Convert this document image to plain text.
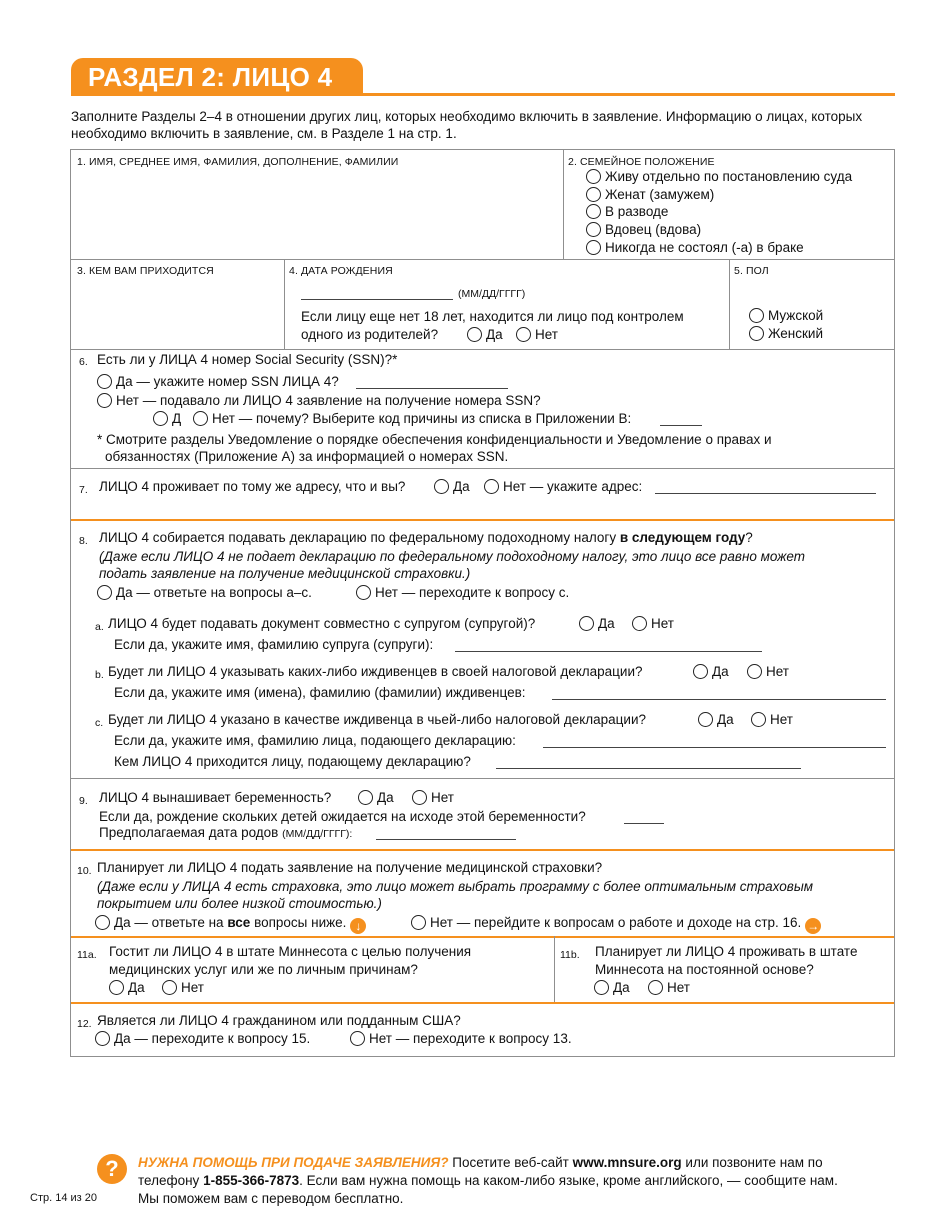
РАЗДЕЛ 2: ЛИЦО 4
Заполните Разделы 2–4 в отношении других лиц, которых необходимо включить в заявление. Информацию о лицах, которых необходимо включить в заявление, см. в Разделе 1 на стр. 1.
1. ИМЯ, СРЕДНЕЕ ИМЯ, ФАМИЛИЯ, ДОПОЛНЕНИЕ, ФАМИЛИИ	2. СЕМЕЙНОЕ ПОЛОЖЕНИЕ
Живу отдельно по постановлению суда
Женат (замужем)
В разводе
Вдовец (вдова)
Никогда не состоял (-а) в браке
3. КЕМ ВАМ ПРИХОДИТСЯ	4. ДАТА РОЖДЕНИЯ
(ММ/ДД/ГГГГ)
Если лицу еще нет 18 лет, находится ли лицо под контролем
одного из родителей?	Да	Нет
5. ПОЛ
Мужской
Женский
6. Есть ли у ЛИЦА 4 номер Social Security (SSN)?*
Да — укажите номер SSN ЛИЦА 4?
Нет — подавало ли ЛИЦО 4 заявление на получение номера SSN?
Д	Нет — почему? Выберите код причины из списка в Приложении B:
* Смотрите разделы Уведомление о порядке обеспечения конфиденциальности и Уведомление о правах и
обязанностях (Приложение А) за информацией о номерах SSN.
7. ЛИЦО 4 проживает по тому же адресу, что и вы?	Да	Нет — укажите адрес:
8. ЛИЦО 4 собирается подавать декларацию по федеральному подоходному налогу в следующем году?
(Даже если ЛИЦО 4 не подает декларацию по федеральному подоходному налогу, это лицо все равно может
подать заявление на получение медицинской страховки.)
Да — ответьте на вопросы а–с.	Нет — переходите к вопросу с.
a. ЛИЦО 4 будет подавать документ совместно с супругом (супругой)?	Да	Нет
Если да, укажите имя, фамилию супруга (супруги):
b. Будет ли ЛИЦО 4 указывать каких-либо иждивенцев в своей налоговой декларации?	Да	Нет
Если да, укажите имя (имена), фамилию (фамилии) иждивенцев:
c. Будет ли ЛИЦО 4 указано в качестве иждивенца в чьей-либо налоговой декларации?	Да	Нет
Если да, укажите имя, фамилию лица, подающего декларацию:
Кем ЛИЦО 4 приходится лицу, подающему декларацию?
9. ЛИЦО 4 вынашивает беременность?	Да	Нет
Если да, рождение скольких детей ожидается на исходе этой беременности?
Предполагаемая дата родов (ММ/ДД/ГГГГ):
10. Планирует ли ЛИЦО 4 подать заявление на получение медицинской страховки?
(Даже если у ЛИЦА 4 есть страховка, это лицо может выбрать программу с более оптимальным страховым
покрытием или более низкой стоимостью.)
Да — ответьте на все вопросы ниже. ↓	Нет — перейдите к вопросам о работе и доходе на стр. 16. →
11a. Гостит ли ЛИЦО 4 в штате Миннесота с целью получения
медицинских услуг или же по личным причинам?
Да	Нет
11b. Планирует ли ЛИЦО 4 проживать в штате
Миннесота на постоянной основе?
Да	Нет
12. Является ли ЛИЦО 4 гражданином или подданным США?
Да — переходите к вопросу 15.	Нет — переходите к вопросу 13.
?	НУЖНА ПОМОЩЬ ПРИ ПОДАЧЕ ЗАЯВЛЕНИЯ? Посетите веб-сайт www.mnsure.org или позвоните нам по
телефону 1-855-366-7873. Если вам нужна помощь на каком-либо языке, кроме английского, — сообщите нам.
Мы поможем вам с переводом бесплатно.
Стр. 14 из 20
